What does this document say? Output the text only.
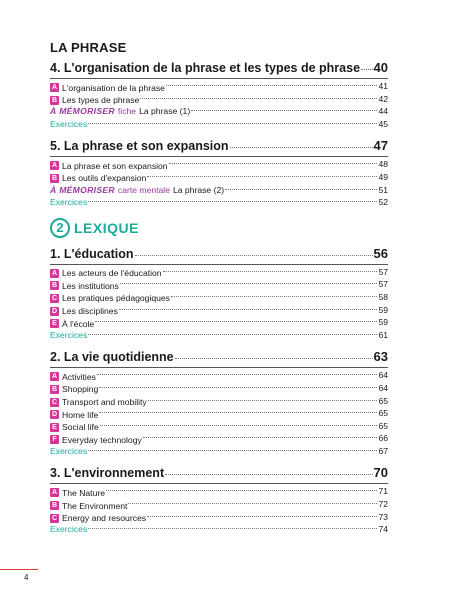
LA PHRASE
4. L'organisation de la phrase et les types de phrase 40
A L'organisation de la phrase	41
B Les types de phrase	42
À MÉMORISER fiche La phrase (1)	44
Exercices	45
5. La phrase et son expansion	47
A La phrase et son expansion	48
B Les outils d'expansion	49
À MÉMORISER carte mentale La phrase (2)	51
Exercices	52
2 LEXIQUE
1. L'éducation	56
A Les acteurs de l'éducation	57
B Les institutions	57
C Les pratiques pédagogiques	58
D Les disciplines	59
E À l'école	59
Exercices	61
2. La vie quotidienne	63
A Activities	64
B Shopping	64
C Transport and mobility	65
D Home life	65
E Social life	65
F Everyday technology	66
Exercices	67
3. L'environnement	70
A The Nature	71
B The Environment	72
C Energy and resources	73
Exercices	74
4
